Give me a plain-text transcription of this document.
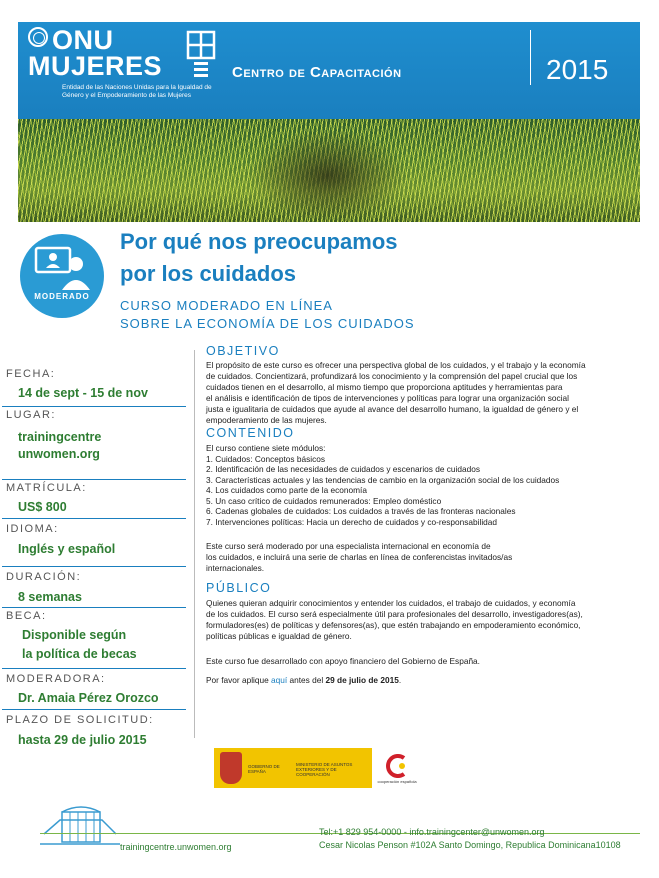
ONU
MUJERES
Entidad de las Naciones Unidas para la Igualdad de Género y el Empoderamiento de las Mujeres
Centro de Capacitación	2015
MODERADO
Por qué nos preocupamos
por los cuidados
CURSO MODERADO EN LÍNEA
SOBRE LA ECONOMÍA DE LOS CUIDADOS
FECHA:
14 de sept - 15 de nov
LUGAR:
trainingcentre
unwomen.org
MATRÍCULA:
US$ 800
IDIOMA:
Inglés y español
DURACIÓN:
8 semanas
BECA:
Disponible según
la política de becas
MODERADORA:
Dr. Amaia Pérez Orozco
PLAZO DE SOLICITUD:
hasta 29 de julio 2015
OBJETIVO
El propósito de este curso es ofrecer una perspectiva global de los cuidados, y el trabajo y la economía
de cuidados. Concientizará, profundizará los conocimiento y la comprensión del papel crucial que los
cuidados tienen en el desarrollo, al mismo tiempo que proporciona aptitudes y herramientas para
el análisis e identificación de tipos de intervenciones y políticas para lograr una organización social
justa e igualitaria de cuidados que ayude al avance del desarrollo humano, la igualdad de género y el
empoderamiento de las mujeres.
CONTENIDO
El curso contiene siete módulos:
1. Cuidados: Conceptos básicos
2. Identificación de las necesidades de cuidados y escenarios de cuidados
3. Características actuales y las tendencias de cambio en la organización social de los cuidados
4. Los cuidados como parte de la economía
5. Un caso crítico de cuidados remunerados: Empleo doméstico
6. Cadenas globales de cuidados: Los cuidados a través de las fronteras nacionales
7. Intervenciones políticas: Hacia un derecho de cuidados y co-responsabilidad
Este curso será moderado por una especialista internacional en economía de
los cuidados, e incluirá una serie de charlas en línea de conferencistas invitados/as
internacionales.
PÚBLICO
Quienes quieran adquirir conocimientos y entender los cuidados, el trabajo de cuidados, y economía
de los cuidados. El curso será especialmente útil para profesionales del desarrollo, investigadores(as),
formuladores(es) de políticas y defensores(as), que estén trabajando en empoderamiento económico,
políticas públicas e igualdad de género.
Este curso fue desarrollado con apoyo financiero del Gobierno de España.
Por favor aplique aquí antes del 29 de julio de 2015.
GOBIERNO DE ESPAÑA
MINISTERIO DE ASUNTOS EXTERIORES Y DE COOPERACIÓN
cooperación española
trainingcentre.unwomen.org
Tel:+1 829 954-0000 - info.trainingcenter@unwomen.org
Cesar Nicolas Penson #102A Santo Domingo, Republica Dominicana10108
